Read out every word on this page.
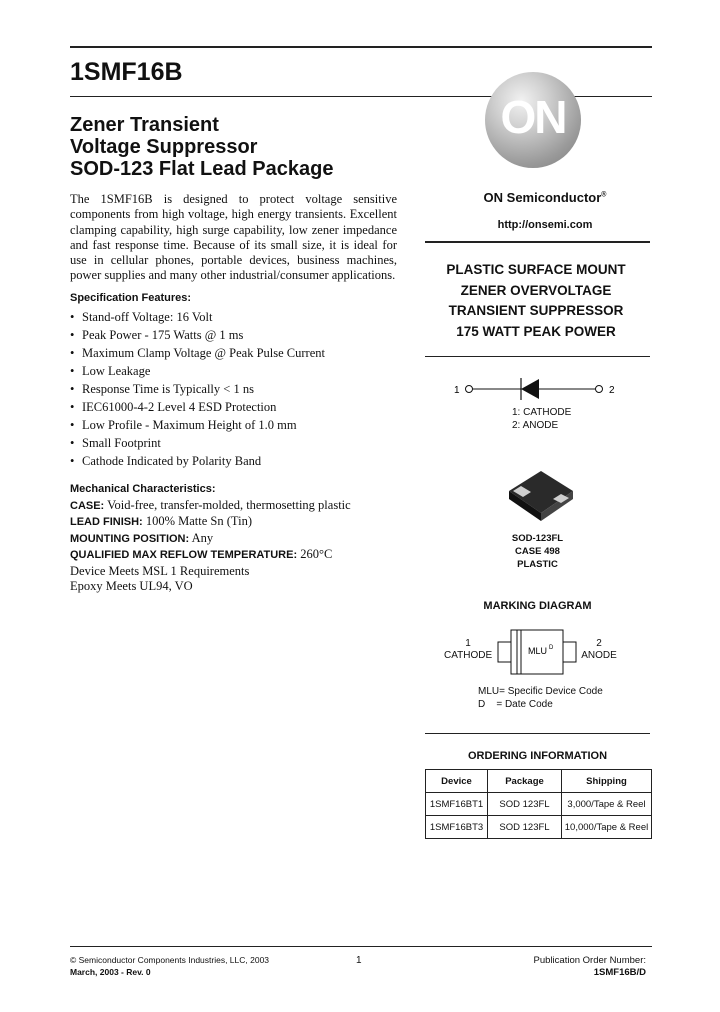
1SMF16B
Zener Transient
Voltage Suppressor
SOD-123 Flat Lead Package
The 1SMF16B is designed to protect voltage sensitive components from high voltage, high energy transients. Excellent clamping capability, high surge capability, low zener impedance and fast response time. Because of its small size, it is ideal for use in cellular phones, portable devices, business machines, power supplies and many other industrial/consumer applications.
Specification Features:
• Stand-off Voltage: 16 Volt
• Peak Power - 175 Watts @ 1 ms
• Maximum Clamp Voltage @ Peak Pulse Current
• Low Leakage
• Response Time is Typically < 1 ns
• IEC61000-4-2 Level 4 ESD Protection
• Low Profile - Maximum Height of 1.0 mm
• Small Footprint
• Cathode Indicated by Polarity Band
Mechanical Characteristics:
CASE: Void-free, transfer-molded, thermosetting plastic
LEAD FINISH: 100% Matte Sn (Tin)
MOUNTING POSITION: Any
QUALIFIED MAX REFLOW TEMPERATURE: 260°C
Device Meets MSL 1 Requirements
Epoxy Meets UL94, VO
ON
ON Semiconductor®
http://onsemi.com
PLASTIC SURFACE MOUNT
ZENER OVERVOLTAGE
TRANSIENT SUPPRESSOR
175 WATT PEAK POWER
1	2
1: CATHODE
2: ANODE
SOD-123FL
CASE 498
PLASTIC
MARKING DIAGRAM
1
CATHODE
2
ANODE
MLU D
MLU= Specific Device Code
D    = Date Code
ORDERING INFORMATION
Device	Package	Shipping
1SMF16BT1	SOD 123FL	3,000/Tape & Reel
1SMF16BT3	SOD 123FL	10,000/Tape & Reel
© Semiconductor Components Industries, LLC, 2003
March, 2003 - Rev. 0
1	Publication Order Number:
1SMF16B/D
